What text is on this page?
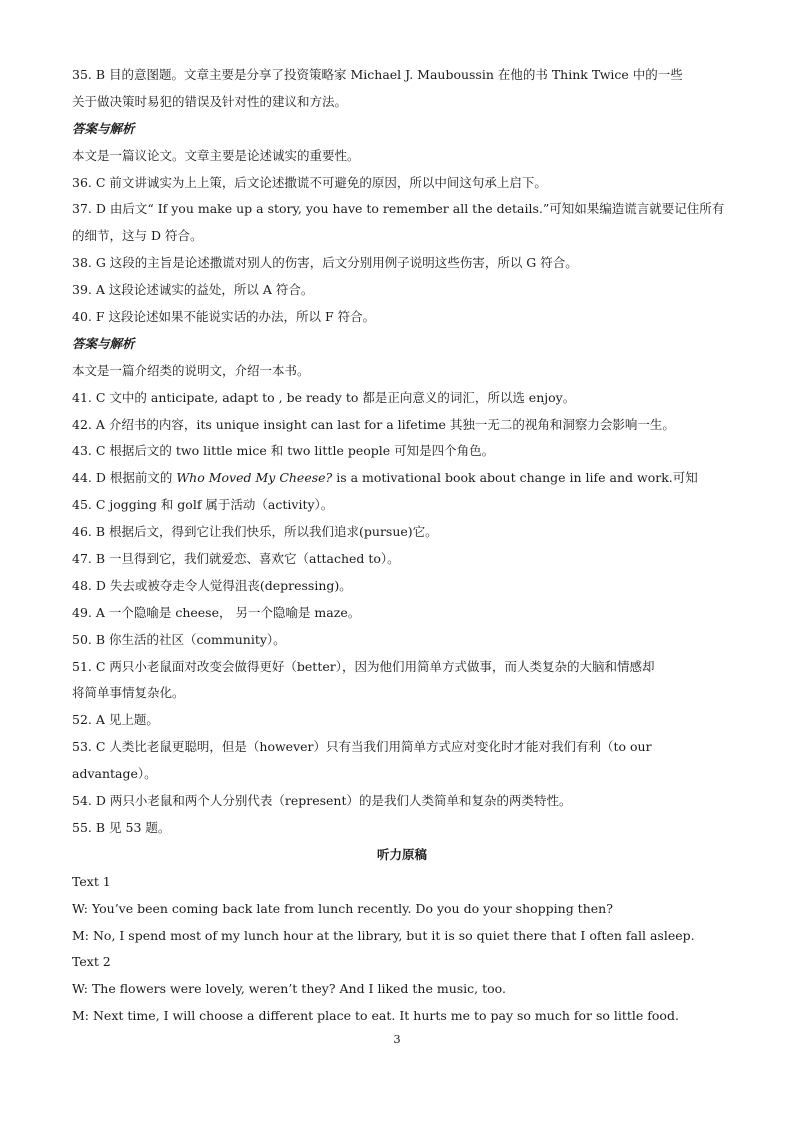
35. B 目的意图题。文章主要是分享了投资策略家 Michael J. Mauboussin 在他的书 Think Twice 中的一些
关于做决策时易犯的错误及针对性的建议和方法。
答案与解析
本文是一篇议论文。文章主要是论述诚实的重要性。
36. C 前文讲诚实为上上策，后文论述撒谎不可避免的原因，所以中间这句承上启下。
37. D 由后文“ If you make up a story, you have to remember all the details.”可知如果编造谎言就要记住所有
的细节，这与 D 符合。
38. G 这段的主旨是论述撒谎对别人的伤害，后文分别用例子说明这些伤害，所以 G 符合。
39. A 这段论述诚实的益处，所以 A 符合。
40. F 这段论述如果不能说实话的办法，所以 F 符合。
答案与解析
本文是一篇介绍类的说明文，介绍一本书。
41. C 文中的 anticipate, adapt to , be ready to 都是正向意义的词汇，所以选 enjoy。
42. A 介绍书的内容，its unique insight can last for a lifetime 其独一无二的视角和洞察力会影响一生。
43. C 根据后文的 two little mice 和 two little people 可知是四个角色。
44. D 根据前文的 Who Moved My Cheese? is a motivational book about change in life and work.可知
45. C jogging 和 golf 属于活动（activity）。
46. B 根据后文，得到它让我们快乐，所以我们追求(pursue)它。
47. B 一旦得到它，我们就爱恋、喜欢它（attached to）。
48. D 失去或被夺走令人觉得沮丧(depressing)。
49. A 一个隐喻是 cheese， 另一个隐喻是 maze。
50. B 你生活的社区（community）。
51. C 两只小老鼠面对改变会做得更好（better），因为他们用简单方式做事，而人类复杂的大脑和情感却
将简单事情复杂化。
52. A 见上题。
53. C 人类比老鼠更聪明，但是（however）只有当我们用简单方式应对变化时才能对我们有利（to our
advantage）。
54. D 两只小老鼠和两个人分别代表（represent）的是我们人类简单和复杂的两类特性。
55. B 见 53 题。
听力原稿
Text 1
W: You’ve been coming back late from lunch recently. Do you do your shopping then?
M: No, I spend most of my lunch hour at the library, but it is so quiet there that I often fall asleep.
Text 2
W: The flowers were lovely, weren’t they? And I liked the music, too.
M: Next time, I will choose a different place to eat. It hurts me to pay so much for so little food.
3
